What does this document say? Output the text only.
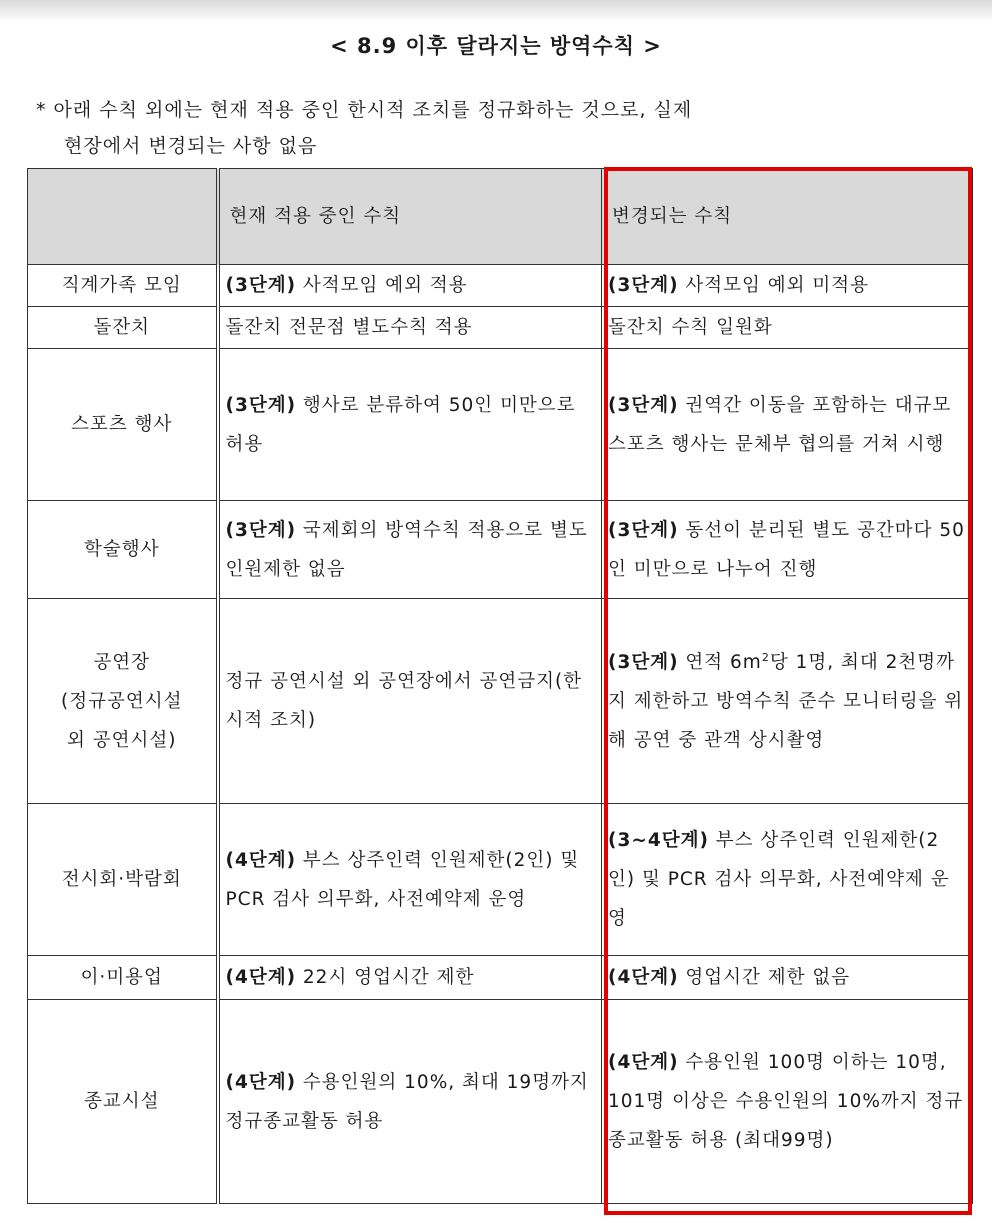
< 8.9 이후 달라지는 방역수칙 >
* 아래 수칙 외에는 현재 적용 중인 한시적 조치를 정규화하는 것으로, 실제
현장에서 변경되는 사항 없음
	현재 적용 중인 수칙	변경되는 수칙
직계가족 모임	(3단계) 사적모임 예외 적용	(3단계) 사적모임 예외 미적용
돌잔치	돌잔치 전문점 별도수칙 적용	돌잔치 수칙 일원화
스포츠 행사	(3단계) 행사로 분류하여 50인 미만으로 허용	(3단계) 권역간 이동을 포함하는 대규모 스포츠 행사는 문체부 협의를 거쳐 시행
학술행사	(3단계) 국제회의 방역수칙 적용으로 별도 인원제한 없음	(3단계) 동선이 분리된 별도 공간마다 50인 미만으로 나누어 진행

공연장
(정규공연시설
외 공연시설)	정규 공연시설 외 공연장에서 공연금지(한시적 조치)	(3단계) 연적 $6m^2$당 1명, 최대 2천명까지 제한하고 방역수칙 준수 모니터링을 위해 공연 중 관객 상시촬영
전시회·박람회	(4단계) 부스 상주인력 인원제한(2인) 및 PCR 검사 의무화, 사전예약제 운영	(3~4단계) 부스 상주인력 인원제한(2인) 및 PCR 검사 의무화, 사전예약제 운영
이·미용업	(4단계) 22시 영업시간 제한	(4단계) 영업시간 제한 없음
종교시설	(4단계) 수용인원의 10%, 최대 19명까지 정규종교활동 허용	(4단계) 수용인원 100명 이하는 10명, 101명 이상은 수용인원의 10%까지 정규종교활동 허용 (최대99명)
